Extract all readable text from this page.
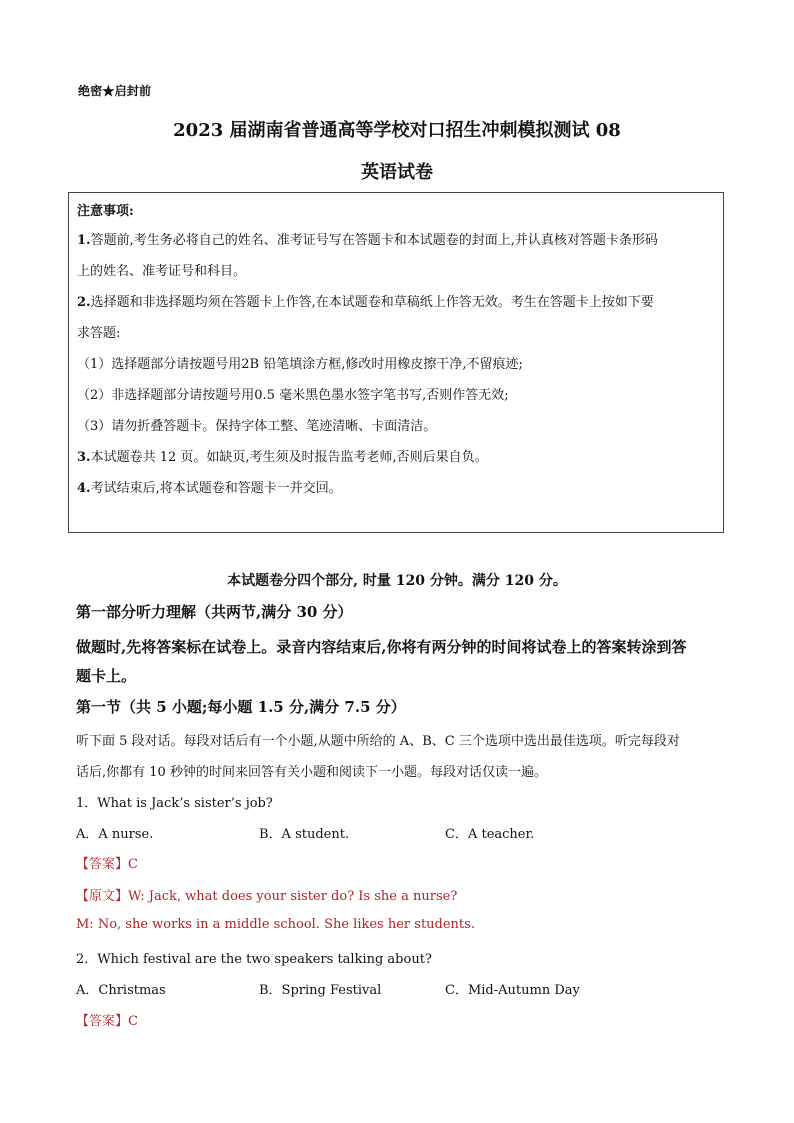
绝密★启封前
2023 届湖南省普通高等学校对口招生冲刺模拟测试 08
英语试卷
注意事项:
1.答题前,考生务必将自己的姓名、准考证号写在答题卡和本试题卷的封面上,并认真核对答题卡条形码
上的姓名、准考证号和科目。
2.选择题和非选择题均须在答题卡上作答,在本试题卷和草稿纸上作答无效。考生在答题卡上按如下要
求答题:
（1）选择题部分请按题号用2B 铅笔填涂方框,修改时用橡皮擦干净,不留痕迹;
（2）非选择题部分请按题号用0.5 毫米黑色墨水签字笔书写,否则作答无效;
（3）请勿折叠答题卡。保持字体工整、笔迹清晰、卡面清洁。
3.本试题卷共 12 页。如缺页,考生须及时报告监考老师,否则后果自负。
4.考试结束后,将本试题卷和答题卡一并交回。
本试题卷分四个部分, 时量 120 分钟。满分 120 分。
第一部分听力理解（共两节,满分 30 分）
做题时,先将答案标在试卷上。录音内容结束后,你将有两分钟的时间将试卷上的答案转涂到答
题卡上。
第一节（共 5 小题;每小题 1.5 分,满分 7.5 分）
听下面 5 段对话。每段对话后有一个小题,从题中所给的 A、B、C 三个选项中选出最佳选项。听完每段对
话后,你都有 10 秒钟的时间来回答有关小题和阅读下一小题。每段对话仅读一遍。
1．What is Jack’s sister’s job?
A．A nurse.	B．A student.	C．A teacher.
【答案】C
【原文】W: Jack, what does your sister do? Is she a nurse?
M: No, she works in a middle school. She likes her students.
2．Which festival are the two speakers talking about?
A．Christmas	B．Spring Festival	C．Mid-Autumn Day
【答案】C
